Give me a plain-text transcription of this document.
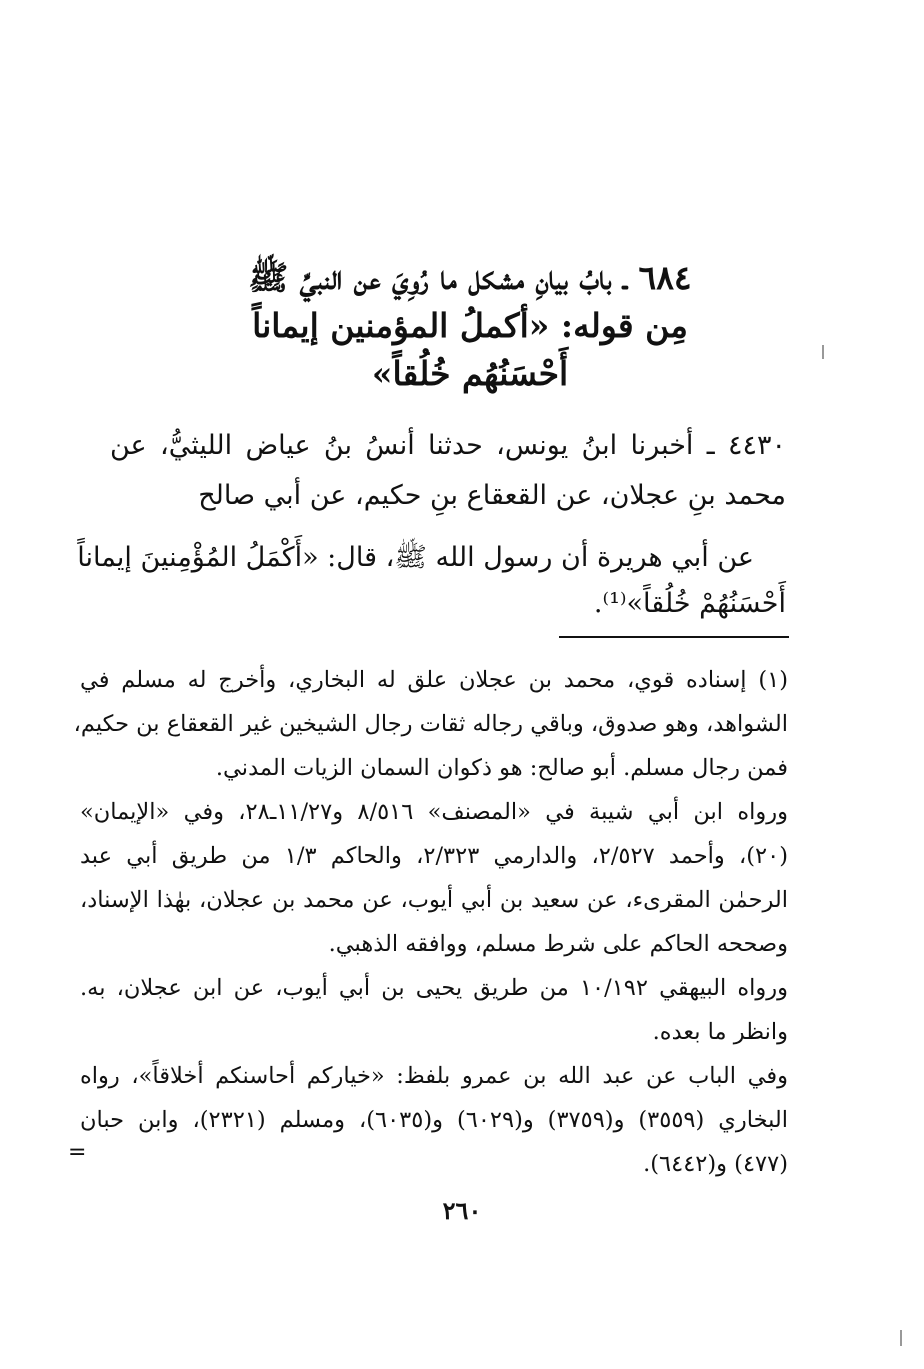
٦٨٤ ـ بابُ بيانِ مشكل ما رُوِيَ عن النبيِّ ﷺ
مِن قوله: «أكملُ المؤمنين إيماناً
أَحْسَنُهُم خُلُقاً»
٤٤٣٠ ـ أخبرنا ابنُ يونس، حدثنا أنسُ بنُ عياض الليثيُّ، عن
محمد بنِ عجلان، عن القعقاع بنِ حكيم، عن أبي صالح
عن أبي هريرة أن رسول الله ﷺ، قال: «أَكْمَلُ المُؤْمِنينَ إيماناً
أَحْسَنُهُمْ خُلُقاً»⁽¹⁾.
(١) إسناده قوي، محمد بن عجلان علق له البخاري، وأخرج له مسلم في
الشواهد، وهو صدوق، وباقي رجاله ثقات رجال الشيخين غير القعقاع بن حكيم،
فمن رجال مسلم. أبو صالح: هو ذكوان السمان الزيات المدني.
ورواه ابن أبي شيبة في «المصنف» ٨/٥١٦ و١١/٢٧ـ٢٨، وفي «الإيمان»
(٢٠)، وأحمد ٢/٥٢٧، والدارمي ٢/٣٢٣، والحاكم ١/٣ من طريق أبي عبد
الرحمٰن المقرىء، عن سعيد بن أبي أيوب، عن محمد بن عجلان، بهٰذا الإسناد،
وصححه الحاكم على شرط مسلم، ووافقه الذهبي.
ورواه البيهقي ١٠/١٩٢ من طريق يحيى بن أبي أيوب، عن ابن عجلان، به.
وانظر ما بعده.
وفي الباب عن عبد الله بن عمرو بلفظ: «خياركم أحاسنكم أخلاقاً»، رواه
البخاري (٣٥٥٩) و(٣٧٥٩) و(٦٠٢٩) و(٦٠٣٥)، ومسلم (٢٣٢١)، وابن حبان
(٤٧٧) و(٦٤٤٢).
=
٢٦٠
